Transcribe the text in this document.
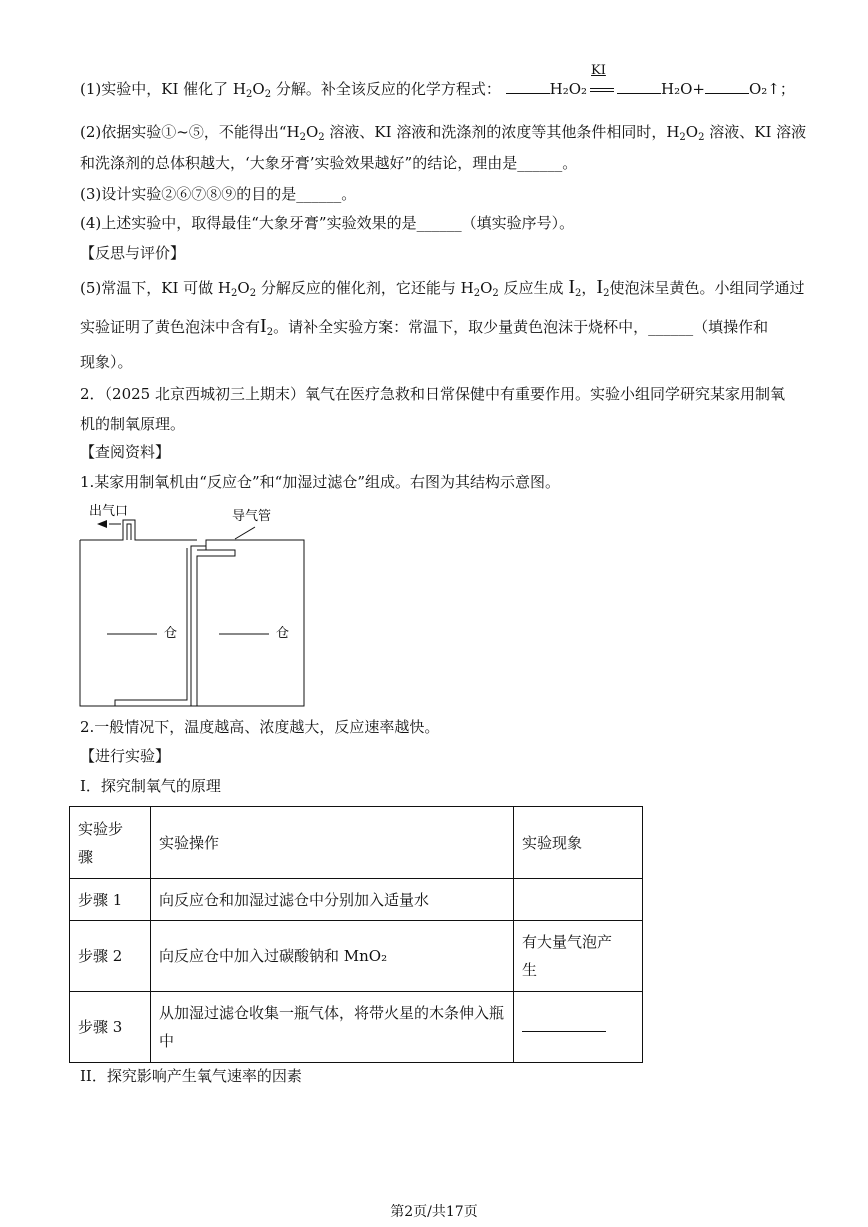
(1)实验中，KI 催化了 $H_2O_2$ 分解。补全该反应的化学方程式：	H₂O₂
KI
H₂O+	O₂↑；
(2)依据实验①~⑤，不能得出“$H_2O_2$ 溶液、KI 溶液和洗涤剂的浓度等其他条件相同时，$H_2O_2$ 溶液、KI 溶液
和洗涤剂的总体积越大，‘大象牙膏’实验效果越好”的结论，理由是______。
(3)设计实验②⑥⑦⑧⑨的目的是______。
(4)上述实验中，取得最佳“大象牙膏”实验效果的是______（填实验序号）。
【反思与评价】
(5)常温下，KI 可做 $H_2O_2$ 分解反应的催化剂，它还能与 $H_2O_2$ 反应生成 $I_2$，$I_2$使泡沫呈黄色。小组同学通过
实验证明了黄色泡沫中含有$I_2$。请补全实验方案：常温下，取少量黄色泡沫于烧杯中，______（填操作和
现象）。
2．（2025 北京西城初三上期末）氧气在医疗急救和日常保健中有重要作用。实验小组同学研究某家用制氧
机的制氧原理。
【查阅资料】
1.某家用制氧机由“反应仓”和“加湿过滤仓”组成。右图为其结构示意图。
出气口	导气管
仓	仓
2.一般情况下，温度越高、浓度越大，反应速率越快。
【进行实验】
I．探究制氧气的原理
实验步
骤	实验操作	实验现象
步骤 1	向反应仓和加湿过滤仓中分别加入适量水	
步骤 2	向反应仓中加入过碳酸钠和 MnO₂	有大量气泡产
生
步骤 3	从加湿过滤仓收集一瓶气体，将带火星的木条伸入瓶
中	
II．探究影响产生氧气速率的因素
第2页/共17页
